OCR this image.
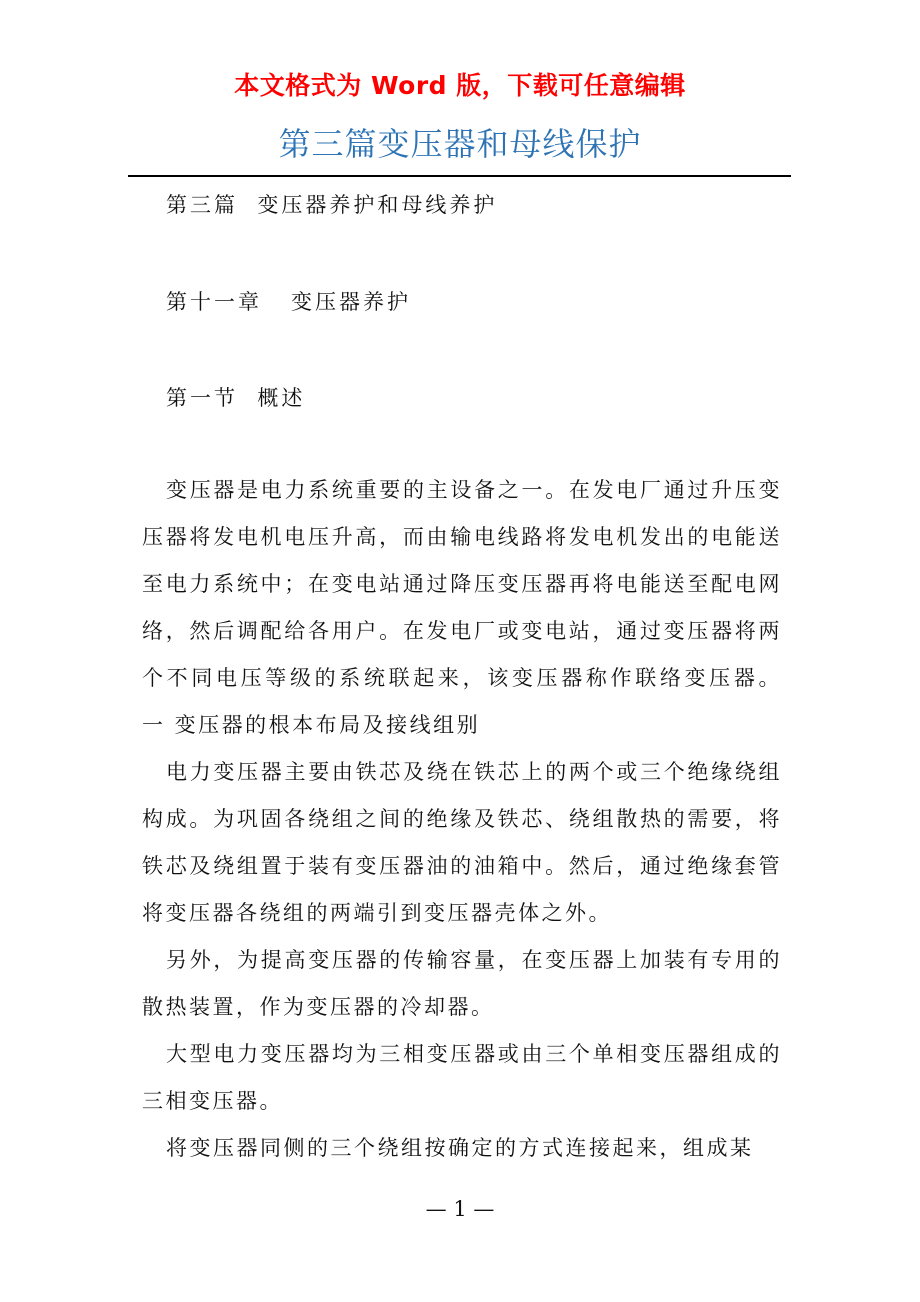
本文格式为 Word 版，下载可任意编辑
第三篇变压器和母线保护
第三篇  变压器养护和母线养护
第十一章   变压器养护
第一节  概述

变压器是电力系统重要的主设备之一。在发电厂通过升压变压器将发电机电压升高，而由输电线路将发电机发出的电能送至电力系统中；在变电站通过降压变压器再将电能送至配电网络，然后调配给各用户。在发电厂或变电站，通过变压器将两个不同电压等级的系统联起来，该变压器称作联络变压器。 一 变压器的根本布局及接线组别

电力变压器主要由铁芯及绕在铁芯上的两个或三个绝缘绕组构成。为巩固各绕组之间的绝缘及铁芯、绕组散热的需要，将铁芯及绕组置于装有变压器油的油箱中。然后，通过绝缘套管将变压器各绕组的两端引到变压器壳体之外。

另外，为提高变压器的传输容量，在变压器上加装有专用的散热装置，作为变压器的冷却器。

大型电力变压器均为三相变压器或由三个单相变压器组成的三相变压器。

将变压器同侧的三个绕组按确定的方式连接起来，组成某

— 1 —
